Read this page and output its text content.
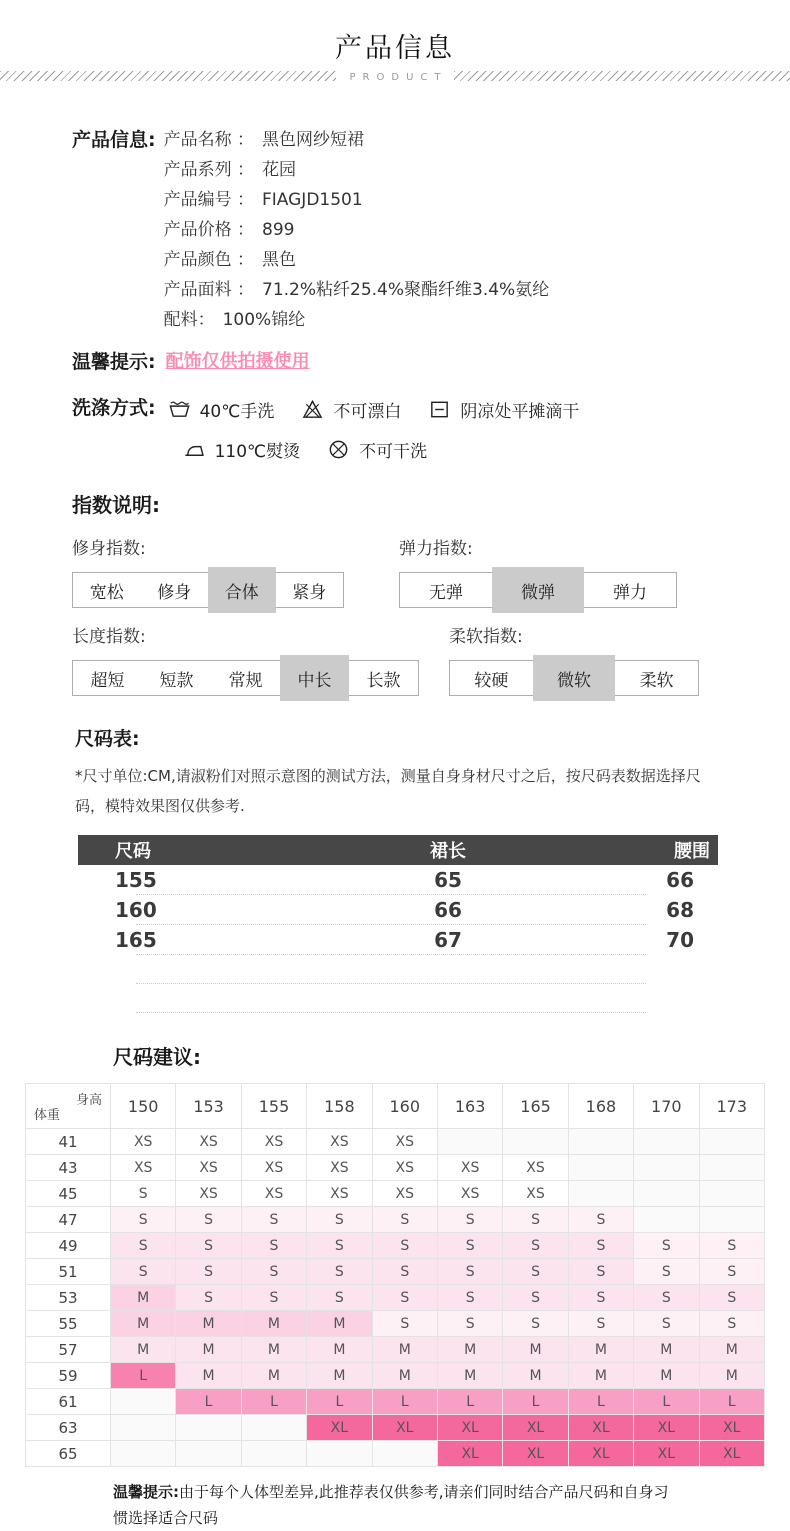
产品信息
PRODUCT
产品信息: 产品名称 ： 黑色网纱短裙
产品系列 ： 花园
产品编号 ： FIAGJD1501
产品价格 ： 899
产品颜色 ： 黑色
产品面料 ： 71.2%粘纤25.4%聚酯纤维3.4%氨纶
配料： 100%锦纶
温馨提示: 配饰仅供拍摄使用
洗涤方式:	40℃手洗	不可漂白	阴凉处平摊滴干
110℃熨烫	不可干洗
指数说明:
修身指数:
宽松	修身	合体	紧身
弹力指数:
无弹	微弹	弹力
长度指数:
超短	短款	常规	中长	长款
柔软指数:
较硬	微软	柔软
尺码表:
*尺寸单位:CM,请淑粉们对照示意图的测试方法，测量自身身材尺寸之后，按尺码表数据选择尺码，模特效果图仅供参考.
尺码	裙长	腰围
155	65	66
160	66	68
165	67	70
尺码建议:
身高
体重	150	153	155	158	160	163	165	168	170	173
41	XS	XS	XS	XS	XS					
43	XS	XS	XS	XS	XS	XS	XS			
45	S	XS	XS	XS	XS	XS	XS			
47	S	S	S	S	S	S	S	S		
49	S	S	S	S	S	S	S	S	S	S
51	S	S	S	S	S	S	S	S	S	S
53	M	S	S	S	S	S	S	S	S	S
55	M	M	M	M	S	S	S	S	S	S
57	M	M	M	M	M	M	M	M	M	M
59	L	M	M	M	M	M	M	M	M	M
61		L	L	L	L	L	L	L	L	L
63				XL	XL	XL	XL	XL	XL	XL
65						XL	XL	XL	XL	XL
温馨提示:由于每个人体型差异,此推荐表仅供参考,请亲们同时结合产品尺码和自身习惯选择适合尺码
